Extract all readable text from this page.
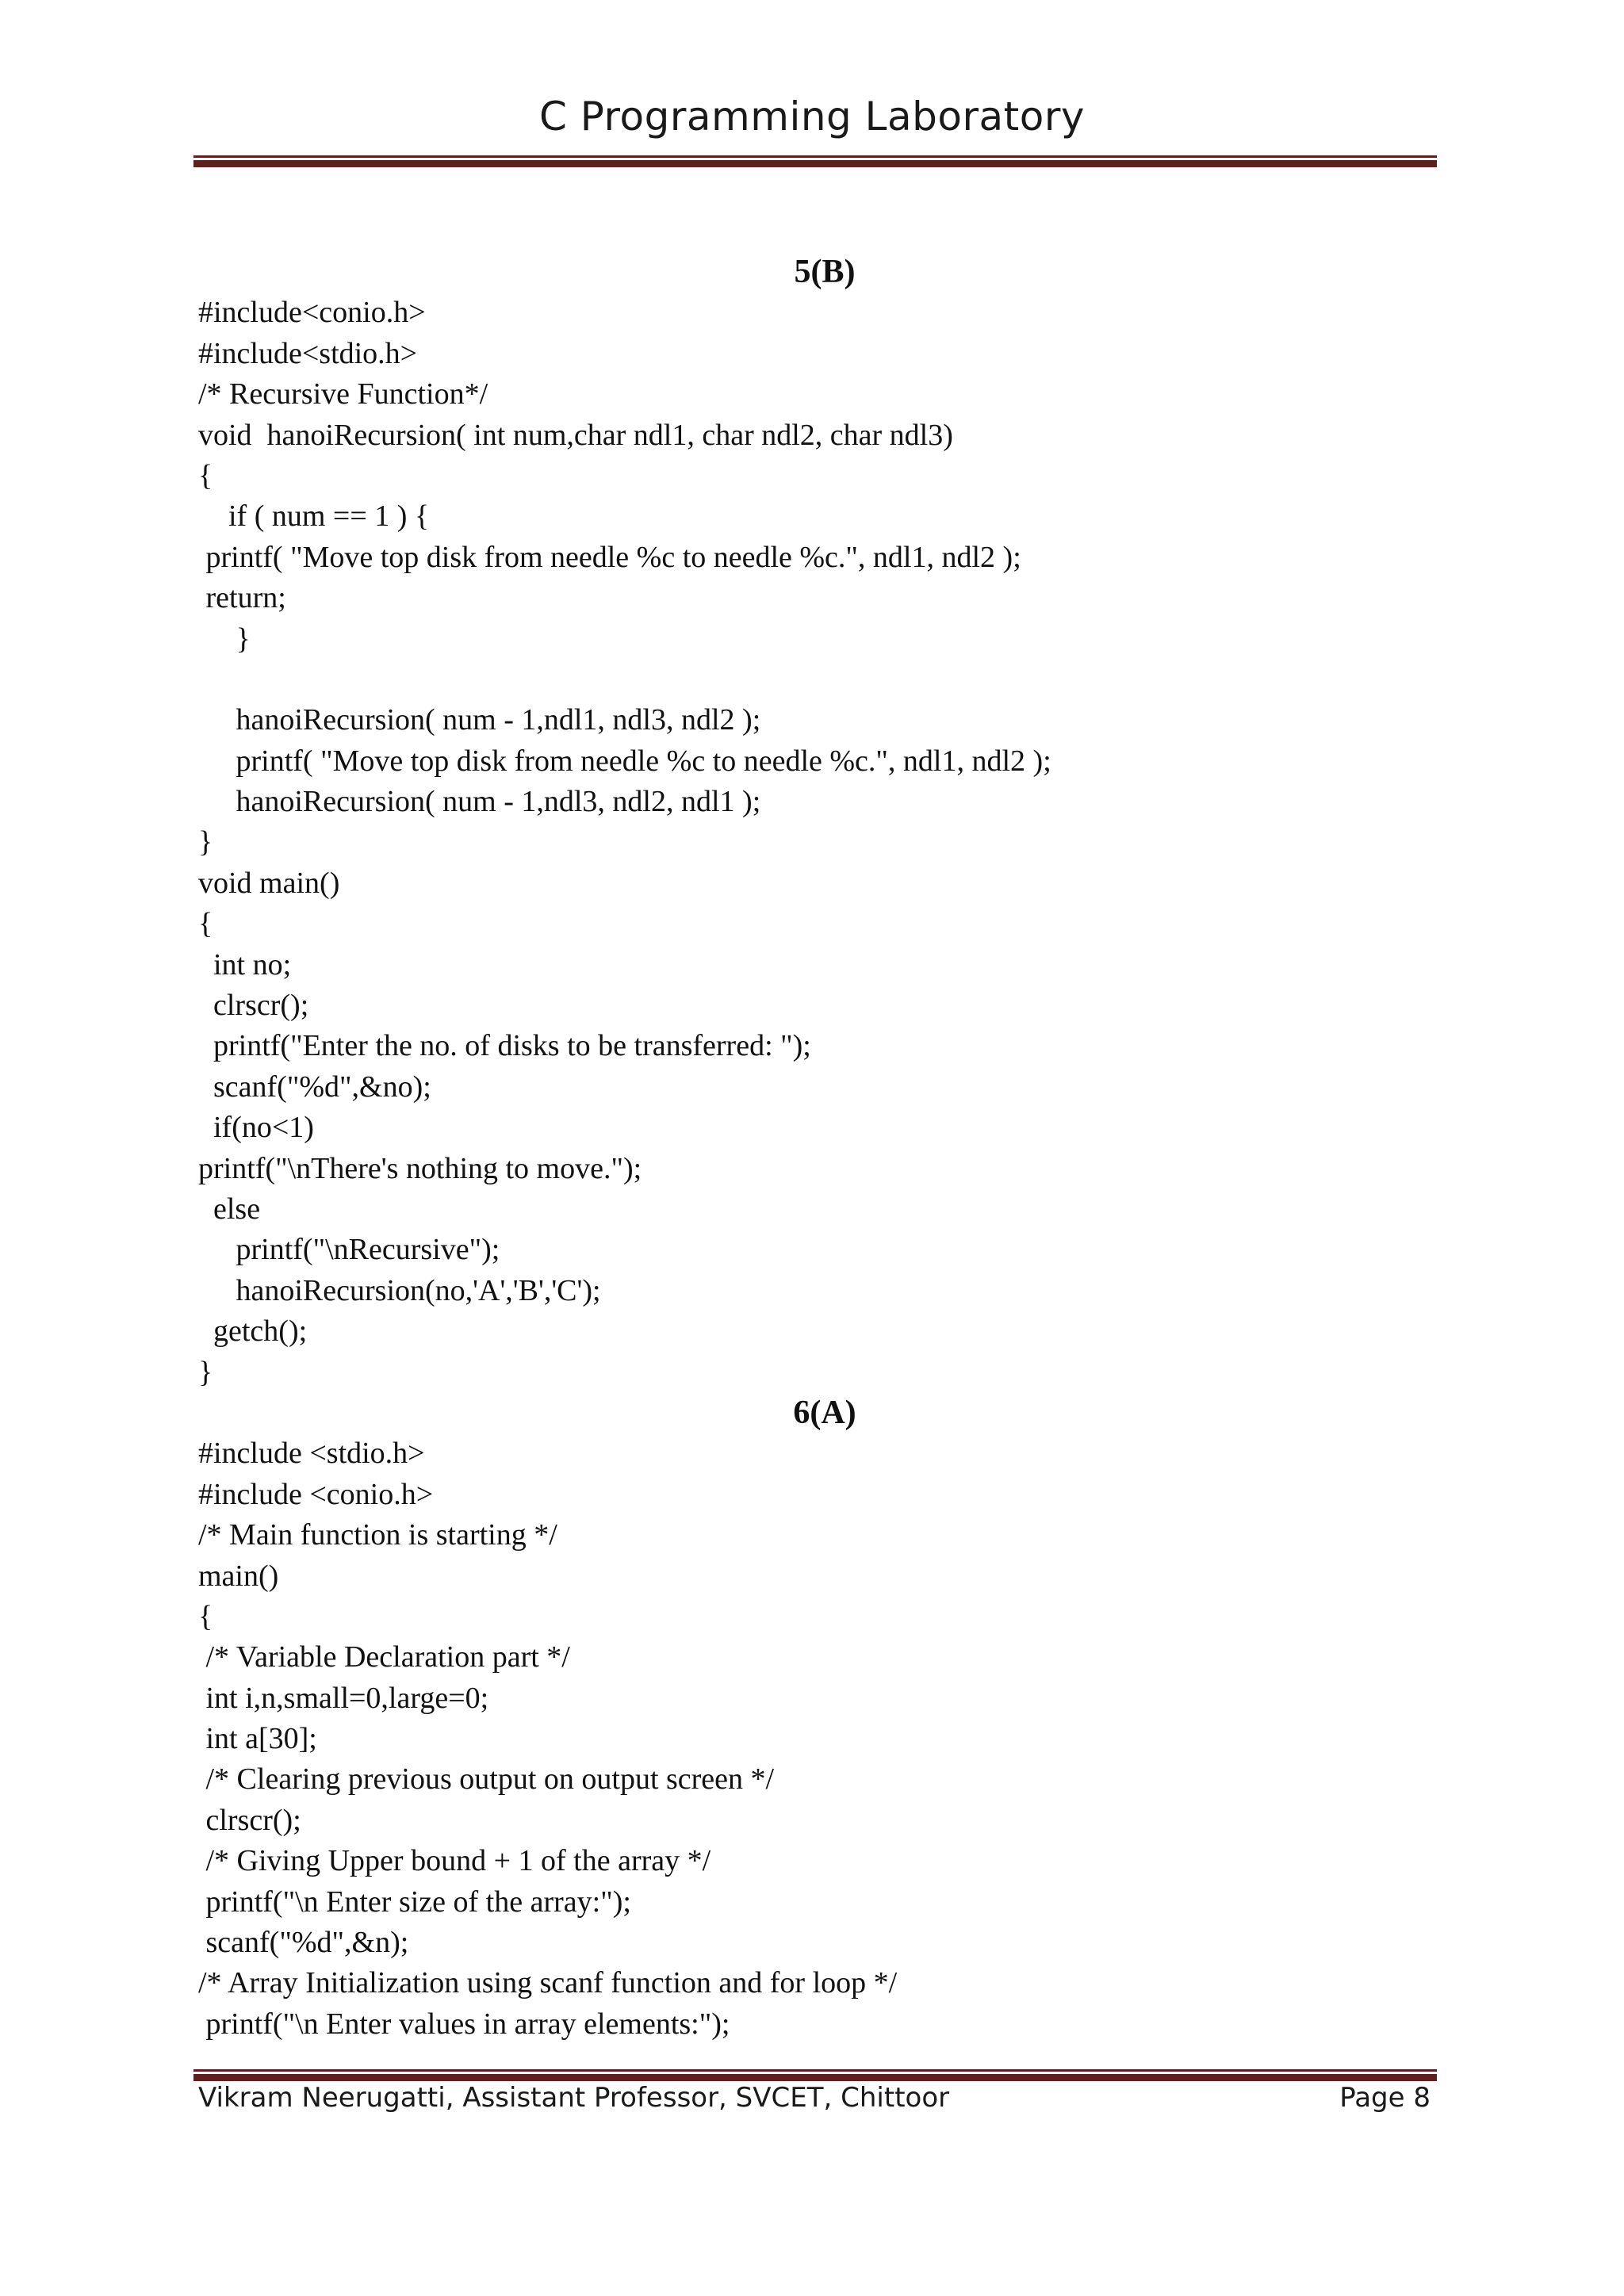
C Programming Laboratory
5(B)
#include<conio.h>
#include<stdio.h>
/* Recursive Function*/
void  hanoiRecursion( int num,char ndl1, char ndl2, char ndl3)
{
if ( num == 1 ) {
printf( "Move top disk from needle %c to needle %c.", ndl1, ndl2 );
return;
}
hanoiRecursion( num - 1,ndl1, ndl3, ndl2 );
printf( "Move top disk from needle %c to needle %c.", ndl1, ndl2 );
hanoiRecursion( num - 1,ndl3, ndl2, ndl1 );
}
void main()
{
int no;
clrscr();
printf("Enter the no. of disks to be transferred: ");
scanf("%d",&no);
if(no<1)
printf("\nThere's nothing to move.");
else
printf("\nRecursive");
hanoiRecursion(no,'A','B','C');
getch();
}
6(A)
#include <stdio.h>
#include <conio.h>
/* Main function is starting */
main()
{
/* Variable Declaration part */
int i,n,small=0,large=0;
int a[30];
/* Clearing previous output on output screen */
clrscr();
/* Giving Upper bound + 1 of the array */
printf("\n Enter size of the array:");
scanf("%d",&n);
/* Array Initialization using scanf function and for loop */
printf("\n Enter values in array elements:");
Vikram Neerugatti, Assistant Professor, SVCET, Chittoor	Page 8
